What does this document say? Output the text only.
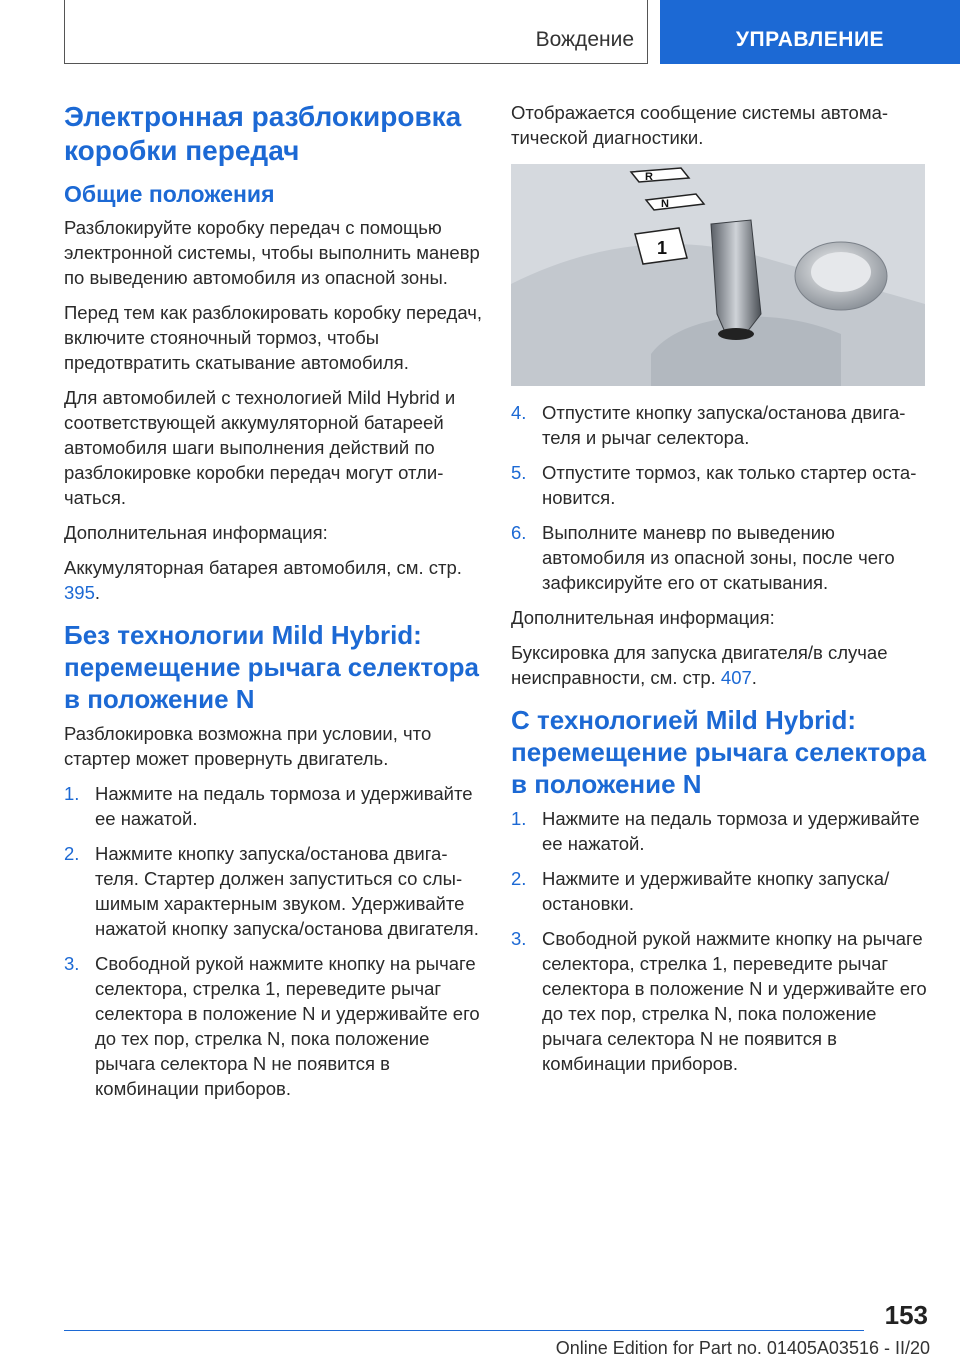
Вождение	УПРАВЛЕНИЕ
Электронная разблокировка коробки передач
Общие положения

Разблокируйте коробку передач с помощью электронной системы, чтобы выполнить маневр по выведению автомобиля из опасной зоны.

Перед тем как разблокировать коробку передач, включите стояночный тормоз, чтобы предотвратить скатывание автомобиля.

Для автомобилей с технологией Mild Hybrid и соответствующей аккумуляторной батареей автомобиля шаги выполнения действий по разблокировке коробки передач могут отличаться.

Дополнительная информация:

Аккумуляторная батарея автомобиля, см. стр. 395.

Без технологии Mild Hybrid: перемещение рычага селектора в положение N

Разблокировка возможна при условии, что стартер может провернуть двигатель.

1. Нажмите на педаль тормоза и удерживайте ее нажатой.
2. Нажмите кнопку запуска/останова двигателя. Стартер должен запуститься со слышимым характерным звуком. Удерживайте нажатой кнопку запуска/останова двигателя.
3. Свободной рукой нажмите кнопку на рычаге селектора, стрелка 1, переведите рычаг селектора в положение N и удерживайте его до тех пор, стрелка N, пока положение рычага селектора N не появится в комбинации приборов.

Отображается сообщение системы автоматической диагностики.

R
N
1
4. Отпустите кнопку запуска/останова двигателя и рычаг селектора.
5. Отпустите тормоз, как только стартер остановится.
6. Выполните маневр по выведению автомобиля из опасной зоны, после чего зафиксируйте его от скатывания.

Дополнительная информация:

Буксировка для запуска двигателя/в случае неисправности, см. стр. 407.

С технологией Mild Hybrid: перемещение рычага селектора в положение N
1. Нажмите на педаль тормоза и удерживайте ее нажатой.
2. Нажмите и удерживайте кнопку запуска/ остановки.
3. Свободной рукой нажмите кнопку на рычаге селектора, стрелка 1, переведите рычаг селектора в положение N и удерживайте его до тех пор, стрелка N, пока положение рычага селектора N не появится в комбинации приборов.
153
Online Edition for Part no. 01405A03516 - II/20
